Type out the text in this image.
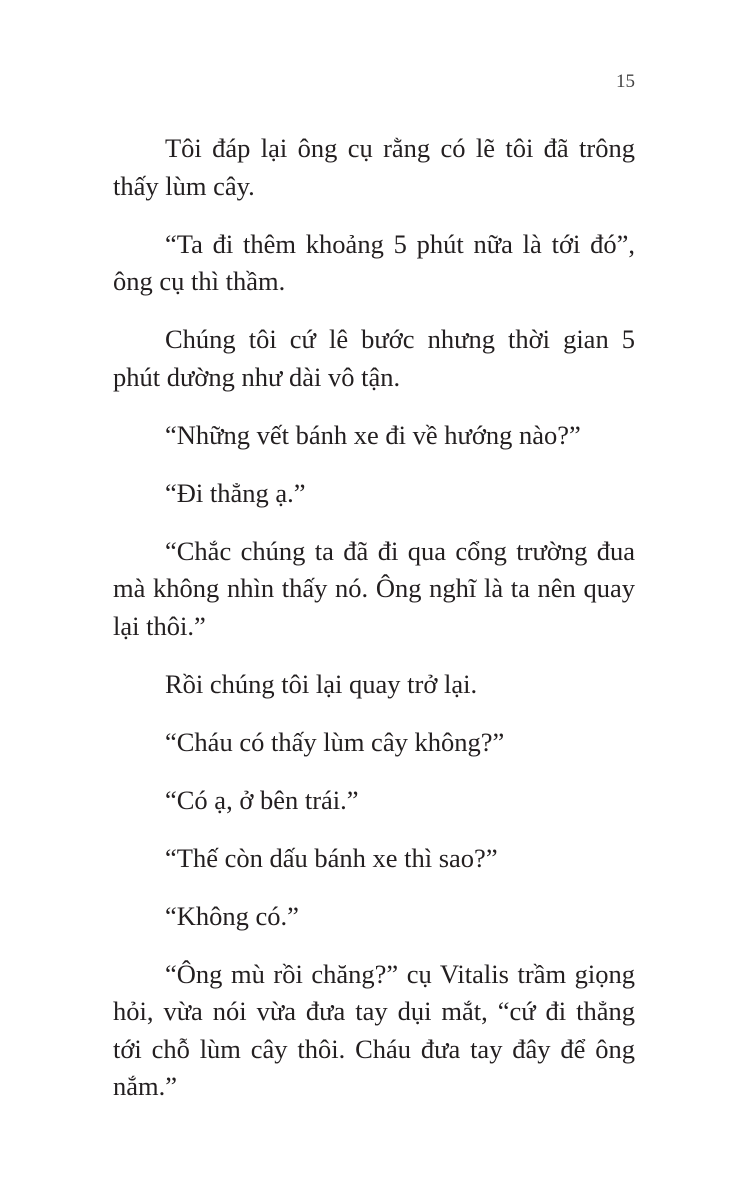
15

Tôi đáp lại ông cụ rằng có lẽ tôi đã trông thấy lùm cây.

“Ta đi thêm khoảng 5 phút nữa là tới đó”, ông cụ thì thầm.

Chúng tôi cứ lê bước nhưng thời gian 5 phút dường như dài vô tận.

“Những vết bánh xe đi về hướng nào?”

“Đi thẳng ạ.”

“Chắc chúng ta đã đi qua cổng trường đua mà không nhìn thấy nó. Ông nghĩ là ta nên quay lại thôi.”

Rồi chúng tôi lại quay trở lại.

“Cháu có thấy lùm cây không?”

“Có ạ, ở bên trái.”

“Thế còn dấu bánh xe thì sao?”

“Không có.”

“Ông mù rồi chăng?” cụ Vitalis trầm giọng hỏi, vừa nói vừa đưa tay dụi mắt, “cứ đi thẳng tới chỗ lùm cây thôi. Cháu đưa tay đây để ông nắm.”
